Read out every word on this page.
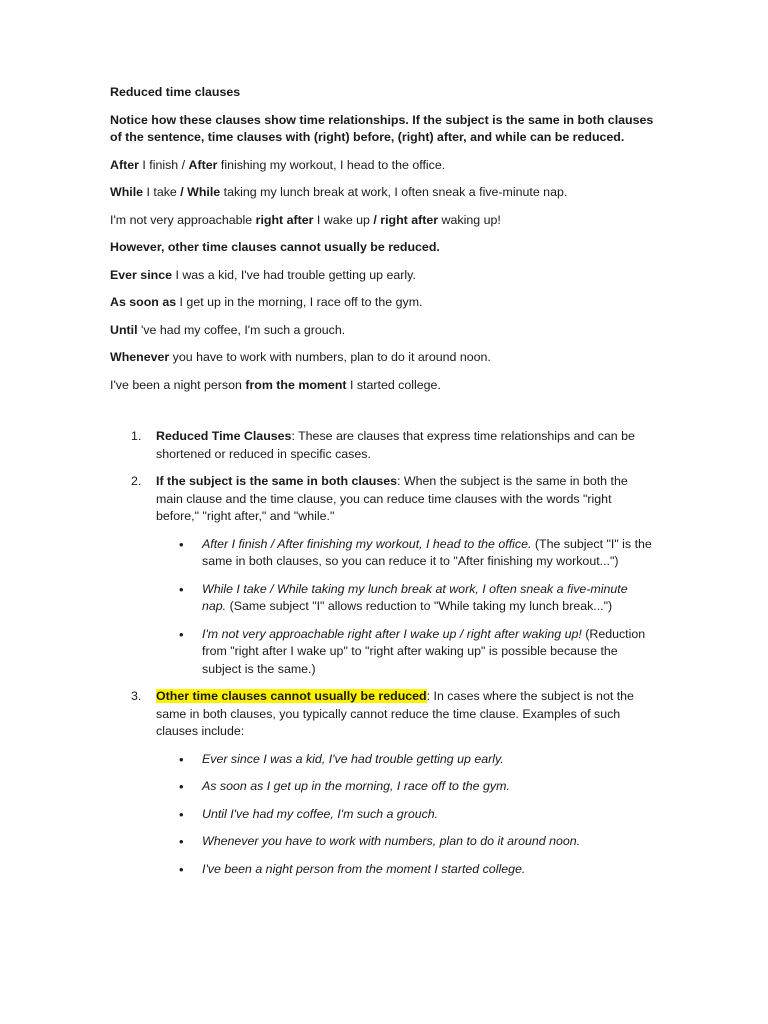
Reduced time clauses

Notice how these clauses show time relationships. If the subject is the same in both clauses of the sentence, time clauses with (right) before, (right) after, and while can be reduced.

After I finish / After finishing my workout, I head to the office.

While I take / While taking my lunch break at work, I often sneak a five-minute nap.

I'm not very approachable right after I wake up / right after waking up!

However, other time clauses cannot usually be reduced.

Ever since I was a kid, I've had trouble getting up early.

As soon as I get up in the morning, I race off to the gym.

Until 've had my coffee, I'm such a grouch.

Whenever you have to work with numbers, plan to do it around noon.

I've been a night person from the moment I started college.

1. Reduced Time Clauses: These are clauses that express time relationships and can be shortened or reduced in specific cases.
2. If the subject is the same in both clauses: When the subject is the same in both the main clause and the time clause, you can reduce time clauses with the words "right before," "right after," and "while."
• After I finish / After finishing my workout, I head to the office. (The subject "I" is the same in both clauses, so you can reduce it to "After finishing my workout...")
• While I take / While taking my lunch break at work, I often sneak a five-minute nap. (Same subject "I" allows reduction to "While taking my lunch break...")
• I'm not very approachable right after I wake up / right after waking up! (Reduction from "right after I wake up" to "right after waking up" is possible because the subject is the same.)
3. Other time clauses cannot usually be reduced: In cases where the subject is not the same in both clauses, you typically cannot reduce the time clause. Examples of such clauses include:
• Ever since I was a kid, I've had trouble getting up early.
• As soon as I get up in the morning, I race off to the gym.
• Until I've had my coffee, I'm such a grouch.
• Whenever you have to work with numbers, plan to do it around noon.
• I've been a night person from the moment I started college.
